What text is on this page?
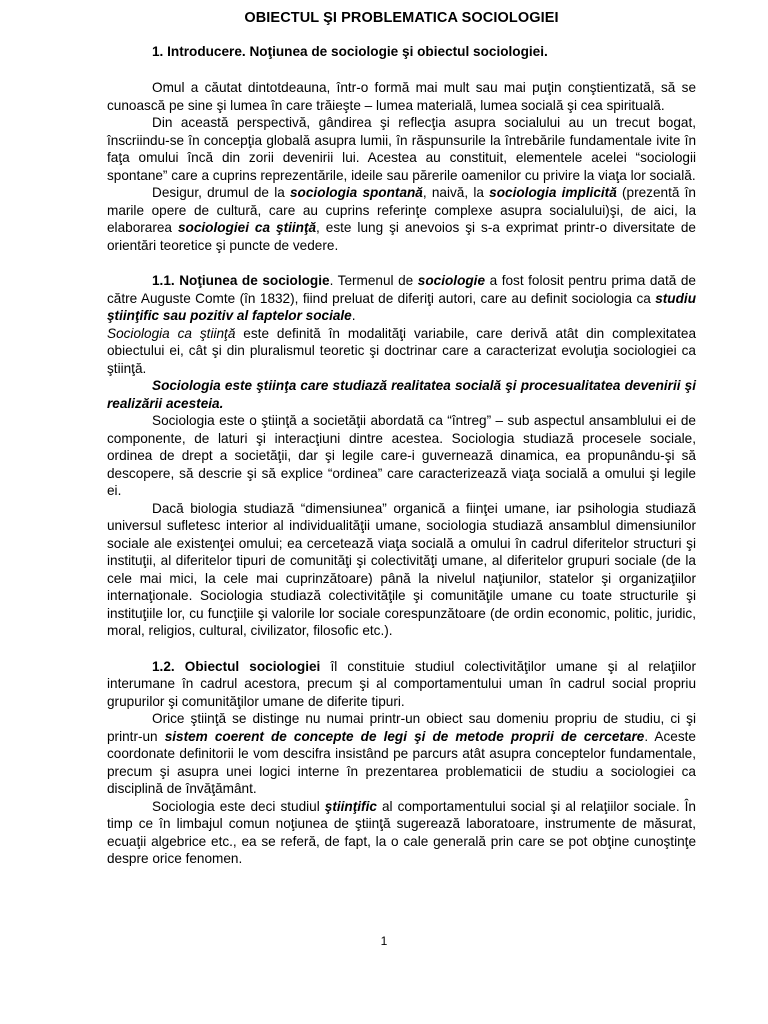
OBIECTUL ŞI PROBLEMATICA SOCIOLOGIEI
1. Introducere. Noţiunea de sociologie şi obiectul sociologiei.

Omul a căutat dintotdeauna, într-o formă mai mult sau mai puţin conştientizată, să se cunoască pe sine şi lumea în care trăieşte – lumea materială, lumea socială şi cea spirituală.

Din această perspectivă, gândirea şi reflecţia asupra socialului au un trecut bogat, înscriindu-se în concepţia globală asupra lumii, în răspunsurile la întrebările fundamentale ivite în faţa omului încă din zorii devenirii lui. Acestea au constituit, elementele acelei “sociologii spontane” care a cuprins reprezentările, ideile sau părerile oamenilor cu privire la viaţa lor socială.

Desigur, drumul de la sociologia spontană, naivă, la sociologia implicită (prezentă în marile opere de cultură, care au cuprins referinţe complexe asupra socialului)şi, de aici, la elaborarea sociologiei ca ştiinţă, este lung şi anevoios şi s-a exprimat printr-o diversitate de orientări teoretice şi puncte de vedere.

1.1. Noţiunea de sociologie. Termenul de sociologie a fost folosit pentru prima dată de către Auguste Comte (în 1832), fiind preluat de diferiţi autori, care au definit sociologia ca studiu ştiinţific sau pozitiv al faptelor sociale.

Sociologia ca ştiinţă este definită în modalităţi variabile, care derivă atât din complexitatea obiectului ei, cât şi din pluralismul teoretic şi doctrinar care a caracterizat evoluţia sociologiei ca ştiinţă.

Sociologia este ştiinţa care studiază realitatea socială şi procesualitatea devenirii şi realizării acesteia.

Sociologia este o ştiinţă a societăţii abordată ca “întreg” – sub aspectul ansamblului ei de componente, de laturi şi interacţiuni dintre acestea. Sociologia studiază procesele sociale, ordinea de drept a societăţii, dar şi legile care-i guvernează dinamica, ea propunându-şi să descopere, să descrie şi să explice “ordinea” care caracterizează viaţa socială a omului şi legile ei.

Dacă biologia studiază “dimensiunea” organică a fiinţei umane, iar psihologia studiază universul sufletesc interior al individualităţii umane, sociologia studiază ansamblul dimensiunilor sociale ale existenţei omului; ea cercetează viaţa socială a omului în cadrul diferitelor structuri şi instituţii, al diferitelor tipuri de comunităţi şi colectivităţi umane, al diferitelor grupuri sociale (de la cele mai mici, la cele mai cuprinzătoare) până la nivelul naţiunilor, statelor şi organizaţiilor internaţionale. Sociologia studiază colectivităţile şi comunităţile umane cu toate structurile şi instituţiile lor, cu funcţiile şi valorile lor sociale corespunzătoare (de ordin economic, politic, juridic, moral, religios, cultural, civilizator, filosofic etc.).

1.2. Obiectul sociologiei îl constituie studiul colectivităţilor umane şi al relaţiilor interumane în cadrul acestora, precum şi al comportamentului uman în cadrul social propriu grupurilor şi comunităţilor umane de diferite tipuri.

Orice ştiinţă se distinge nu numai printr-un obiect sau domeniu propriu de studiu, ci şi printr-un sistem coerent de concepte de legi şi de metode proprii de cercetare. Aceste coordonate definitorii le vom descifra insistând pe parcurs atât asupra conceptelor fundamentale, precum şi asupra unei logici interne în prezentarea problematicii de studiu a sociologiei ca disciplină de învăţământ.

Sociologia este deci studiul ştiinţific al comportamentului social şi al relaţiilor sociale. În timp ce în limbajul comun noţiunea de ştiinţă sugerează laboratoare, instrumente de măsurat, ecuaţii algebrice etc., ea se referă, de fapt, la o cale generală prin care se pot obţine cunoştinţe despre orice fenomen.

1
